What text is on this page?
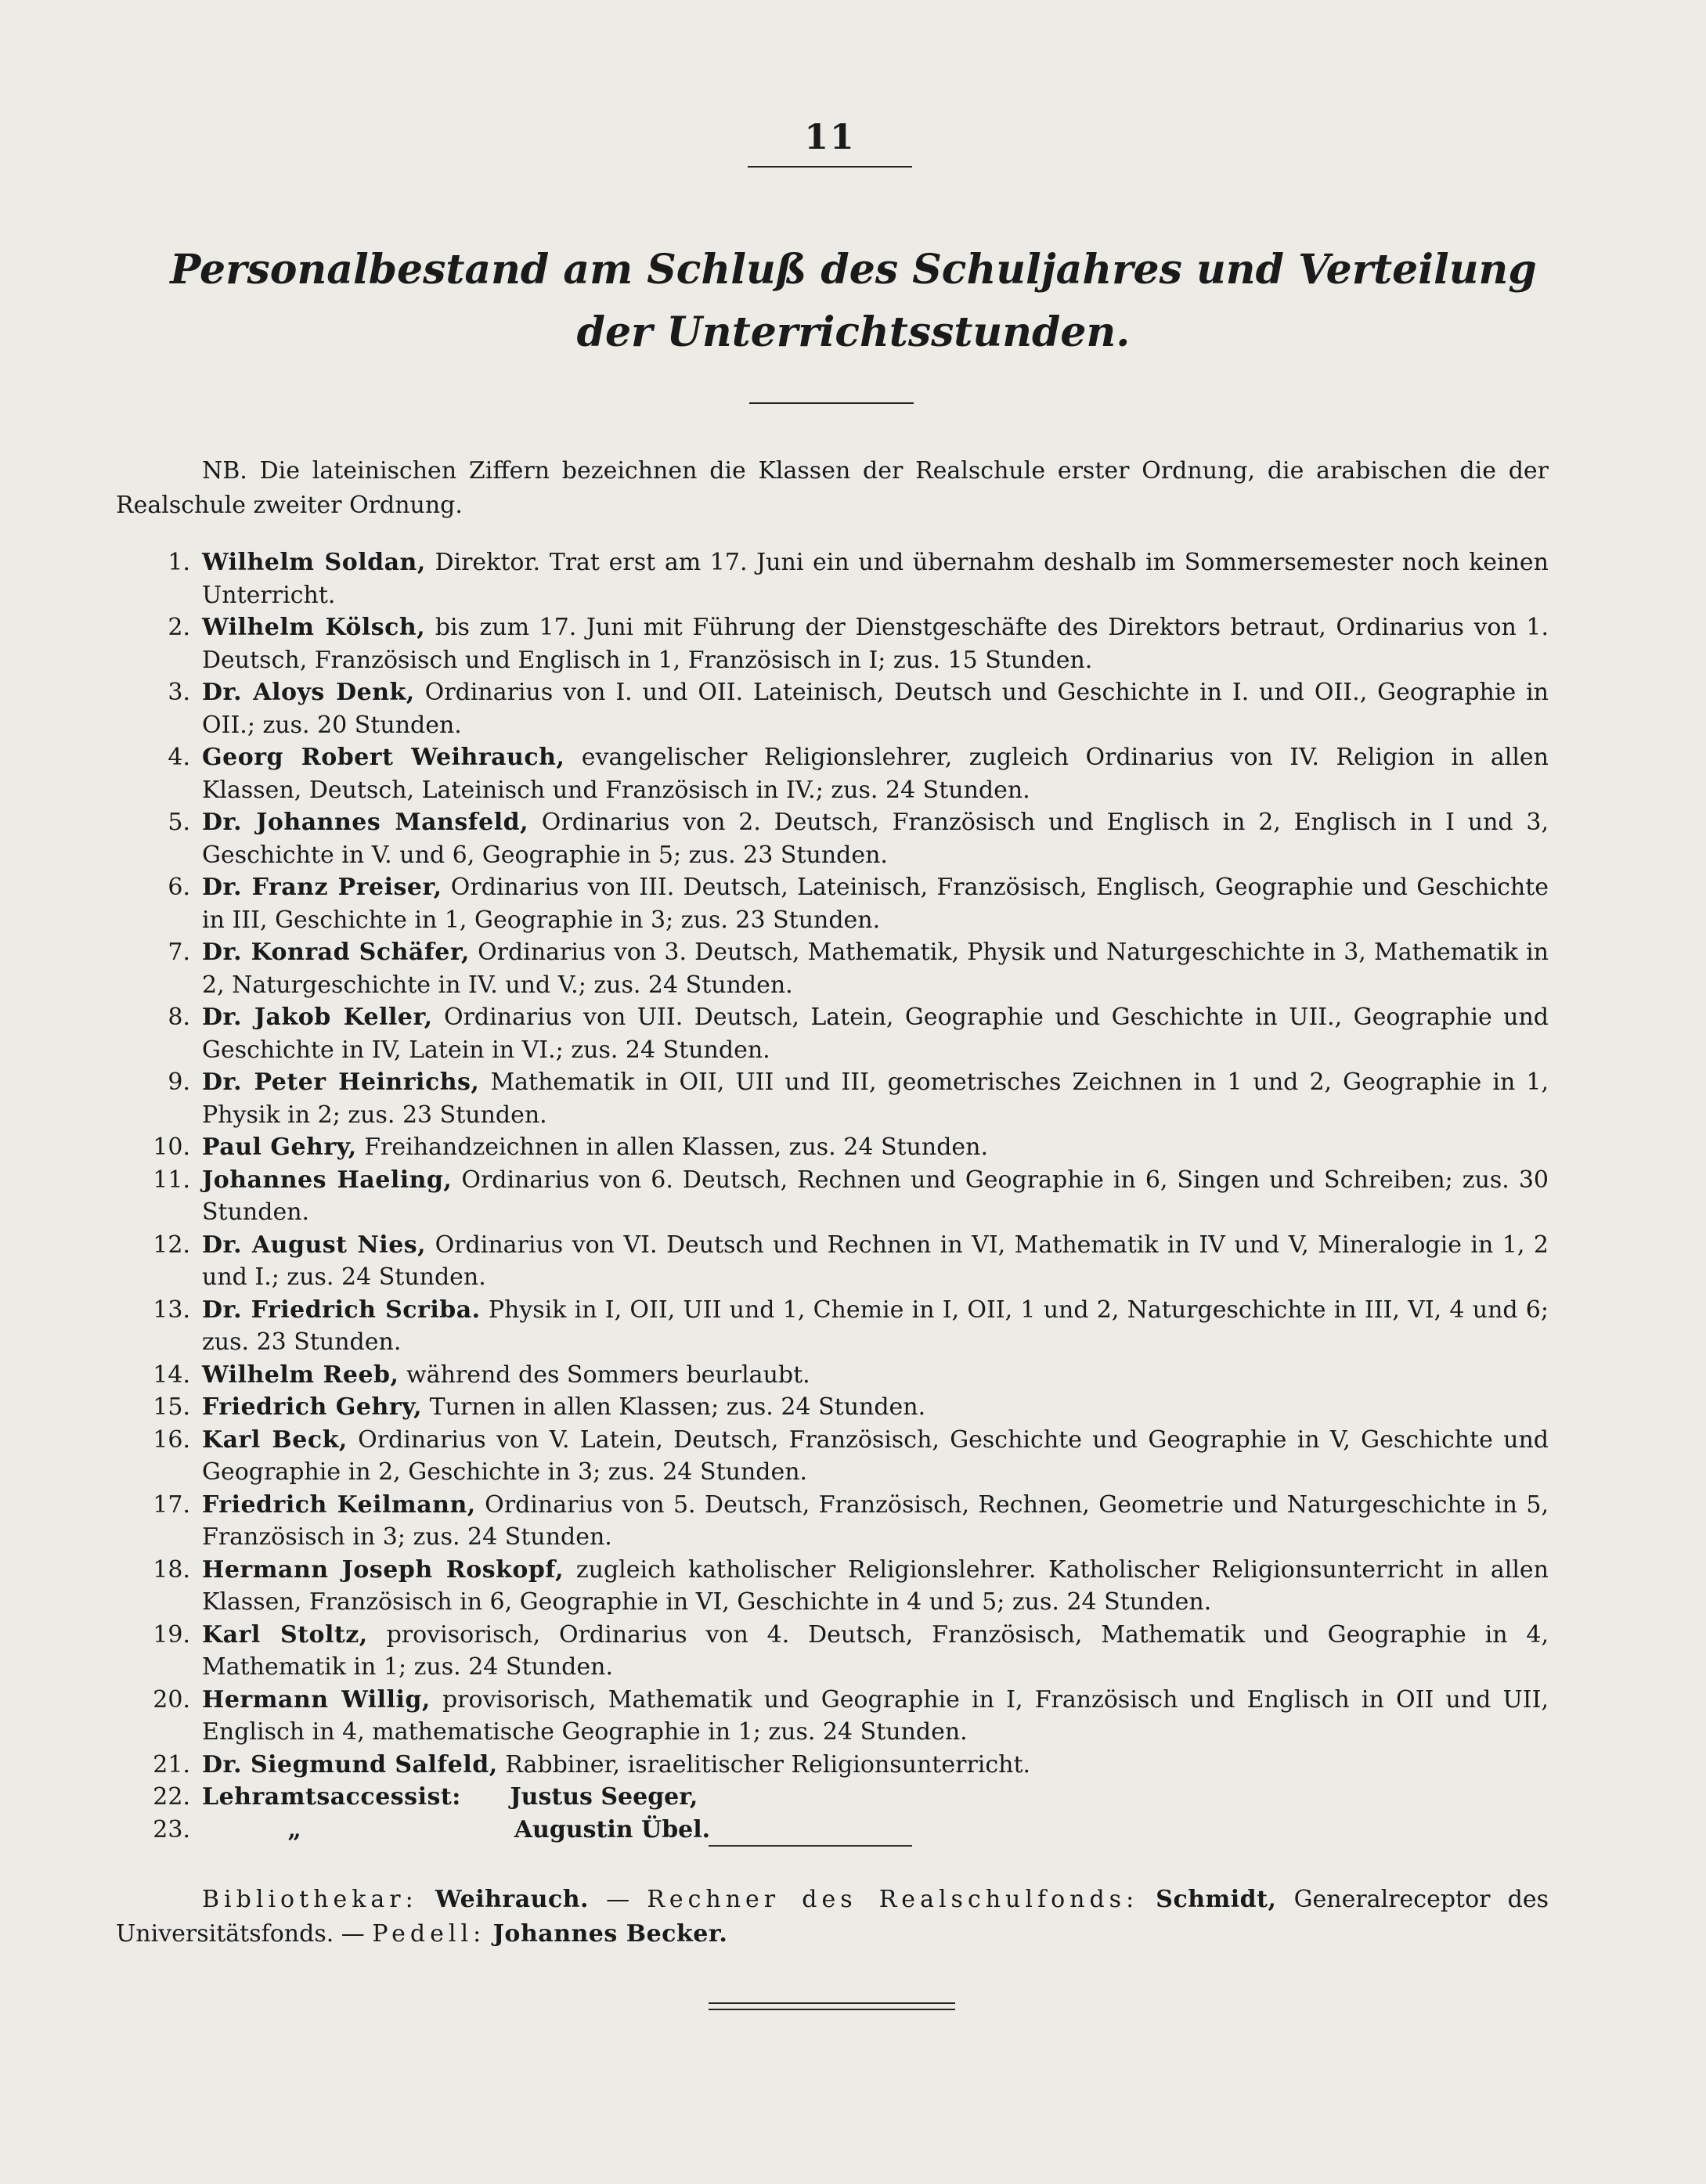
11
Personalbestand am Schluß des Schuljahres und Verteilung der Unterrichtsstunden.
NB. Die lateinischen Ziffern bezeichnen die Klassen der Realschule erster Ordnung, die arabischen die der Realschule zweiter Ordnung.
1. Wilhelm Soldan, Direktor. Trat erst am 17. Juni ein und übernahm deshalb im Sommersemester noch keinen Unterricht.
2. Wilhelm Kölsch, bis zum 17. Juni mit Führung der Dienstgeschäfte des Direktors betraut, Ordinarius von 1. Deutsch, Französisch und Englisch in 1, Französisch in I; zus. 15 Stunden.
3. Dr. Aloys Denk, Ordinarius von I. und OII. Lateinisch, Deutsch und Geschichte in I. und OII., Geographie in OII.; zus. 20 Stunden.
4. Georg Robert Weihrauch, evangelischer Religionslehrer, zugleich Ordinarius von IV. Religion in allen Klassen, Deutsch, Lateinisch und Französisch in IV.; zus. 24 Stunden.
5. Dr. Johannes Mansfeld, Ordinarius von 2. Deutsch, Französisch und Englisch in 2, Englisch in I und 3, Geschichte in V. und 6, Geographie in 5; zus. 23 Stunden.
6. Dr. Franz Preiser, Ordinarius von III. Deutsch, Lateinisch, Französisch, Englisch, Geographie und Geschichte in III, Geschichte in 1, Geographie in 3; zus. 23 Stunden.
7. Dr. Konrad Schäfer, Ordinarius von 3. Deutsch, Mathematik, Physik und Naturgeschichte in 3, Mathematik in 2, Naturgeschichte in IV. und V.; zus. 24 Stunden.
8. Dr. Jakob Keller, Ordinarius von UII. Deutsch, Latein, Geographie und Geschichte in UII., Geographie und Geschichte in IV, Latein in VI.; zus. 24 Stunden.
9. Dr. Peter Heinrichs, Mathematik in OII, UII und III, geometrisches Zeichnen in 1 und 2, Geographie in 1, Physik in 2; zus. 23 Stunden.
10. Paul Gehry, Freihandzeichnen in allen Klassen, zus. 24 Stunden.
11. Johannes Haeling, Ordinarius von 6. Deutsch, Rechnen und Geographie in 6, Singen und Schreiben; zus. 30 Stunden.
12. Dr. August Nies, Ordinarius von VI. Deutsch und Rechnen in VI, Mathematik in IV und V, Mineralogie in 1, 2 und I.; zus. 24 Stunden.
13. Dr. Friedrich Scriba. Physik in I, OII, UII und 1, Chemie in I, OII, 1 und 2, Naturgeschichte in III, VI, 4 und 6; zus. 23 Stunden.
14. Wilhelm Reeb, während des Sommers beurlaubt.
15. Friedrich Gehry, Turnen in allen Klassen; zus. 24 Stunden.
16. Karl Beck, Ordinarius von V. Latein, Deutsch, Französisch, Geschichte und Geographie in V, Geschichte und Geographie in 2, Geschichte in 3; zus. 24 Stunden.
17. Friedrich Keilmann, Ordinarius von 5. Deutsch, Französisch, Rechnen, Geometrie und Naturgeschichte in 5, Französisch in 3; zus. 24 Stunden.
18. Hermann Joseph Roskopf, zugleich katholischer Religionslehrer. Katholischer Religionsunterricht in allen Klassen, Französisch in 6, Geographie in VI, Geschichte in 4 und 5; zus. 24 Stunden.
19. Karl Stoltz, provisorisch, Ordinarius von 4. Deutsch, Französisch, Mathematik und Geographie in 4, Mathematik in 1; zus. 24 Stunden.
20. Hermann Willig, provisorisch, Mathematik und Geographie in I, Französisch und Englisch in OII und UII, Englisch in 4, mathematische Geographie in 1; zus. 24 Stunden.
21. Dr. Siegmund Salfeld, Rabbiner, israelitischer Religionsunterricht.
22. Lehramtsaccessist:      Justus Seeger,
23. „                          Augustin Übel.
Bibliothekar: Weihrauch. — Rechner des Realschulfonds: Schmidt, Generalreceptor des Universitätsfonds. — Pedell: Johannes Becker.
